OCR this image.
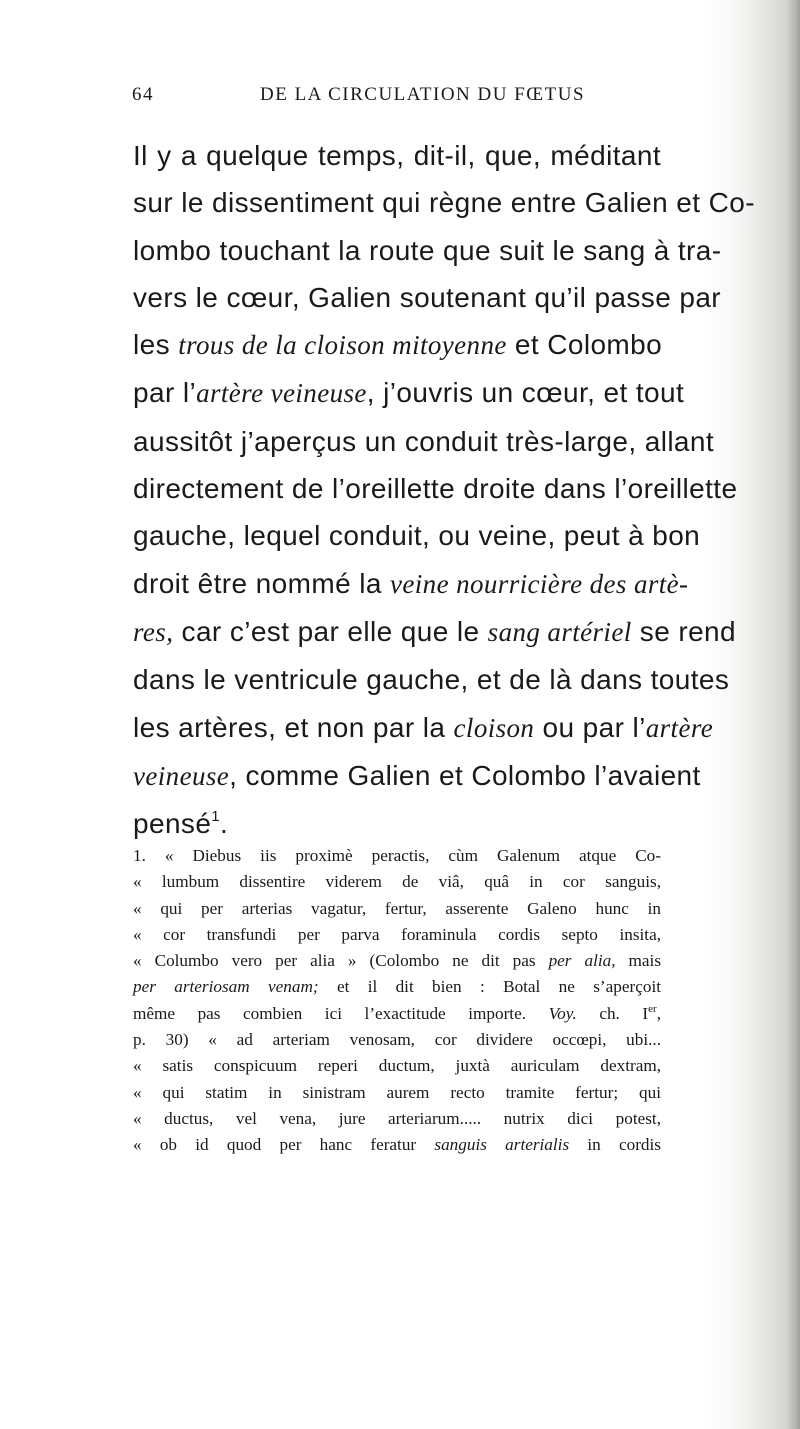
64	DE LA CIRCULATION DU FŒTUS
Il y a quelque temps, dit-il, que, méditant
sur le dissentiment qui règne entre Galien et Co-
lombo touchant la route que suit le sang à tra-
vers le cœur, Galien soutenant qu’il passe par
les trous de la cloison mitoyenne et Colombo
par l’artère veineuse, j’ouvris un cœur, et tout
aussitôt j’aperçus un conduit très-large, allant
directement de l’oreillette droite dans l’oreillette
gauche, lequel conduit, ou veine, peut à bon
droit être nommé la veine nourricière des artè-
res, car c’est par elle que le sang artériel se rend
dans le ventricule gauche, et de là dans toutes
les artères, et non par la cloison ou par l’artère
veineuse, comme Galien et Colombo l’avaient
pensé$^1$.
1. « Diebus iis proximè peractis, cùm Galenum atque Co-
« lumbum dissentire viderem de viâ, quâ in cor sanguis,
« qui per arterias vagatur, fertur, asserente Galeno hunc in
« cor transfundi per parva foraminula cordis septo insita,
« Columbo vero per alia » (Colombo ne dit pas per alia, mais
per arteriosam venam; et il dit bien : Botal ne s’aperçoit
même pas combien ici l’exactitude importe. Voy. ch. Ier,
p. 30) « ad arteriam venosam, cor dividere occœpi, ubi...
« satis conspicuum reperi ductum, juxtà auriculam dextram,
« qui statim in sinistram aurem recto tramite fertur; qui
« ductus, vel vena, jure arteriarum..... nutrix dici potest,
« ob id quod per hanc feratur sanguis arterialis in cordis
